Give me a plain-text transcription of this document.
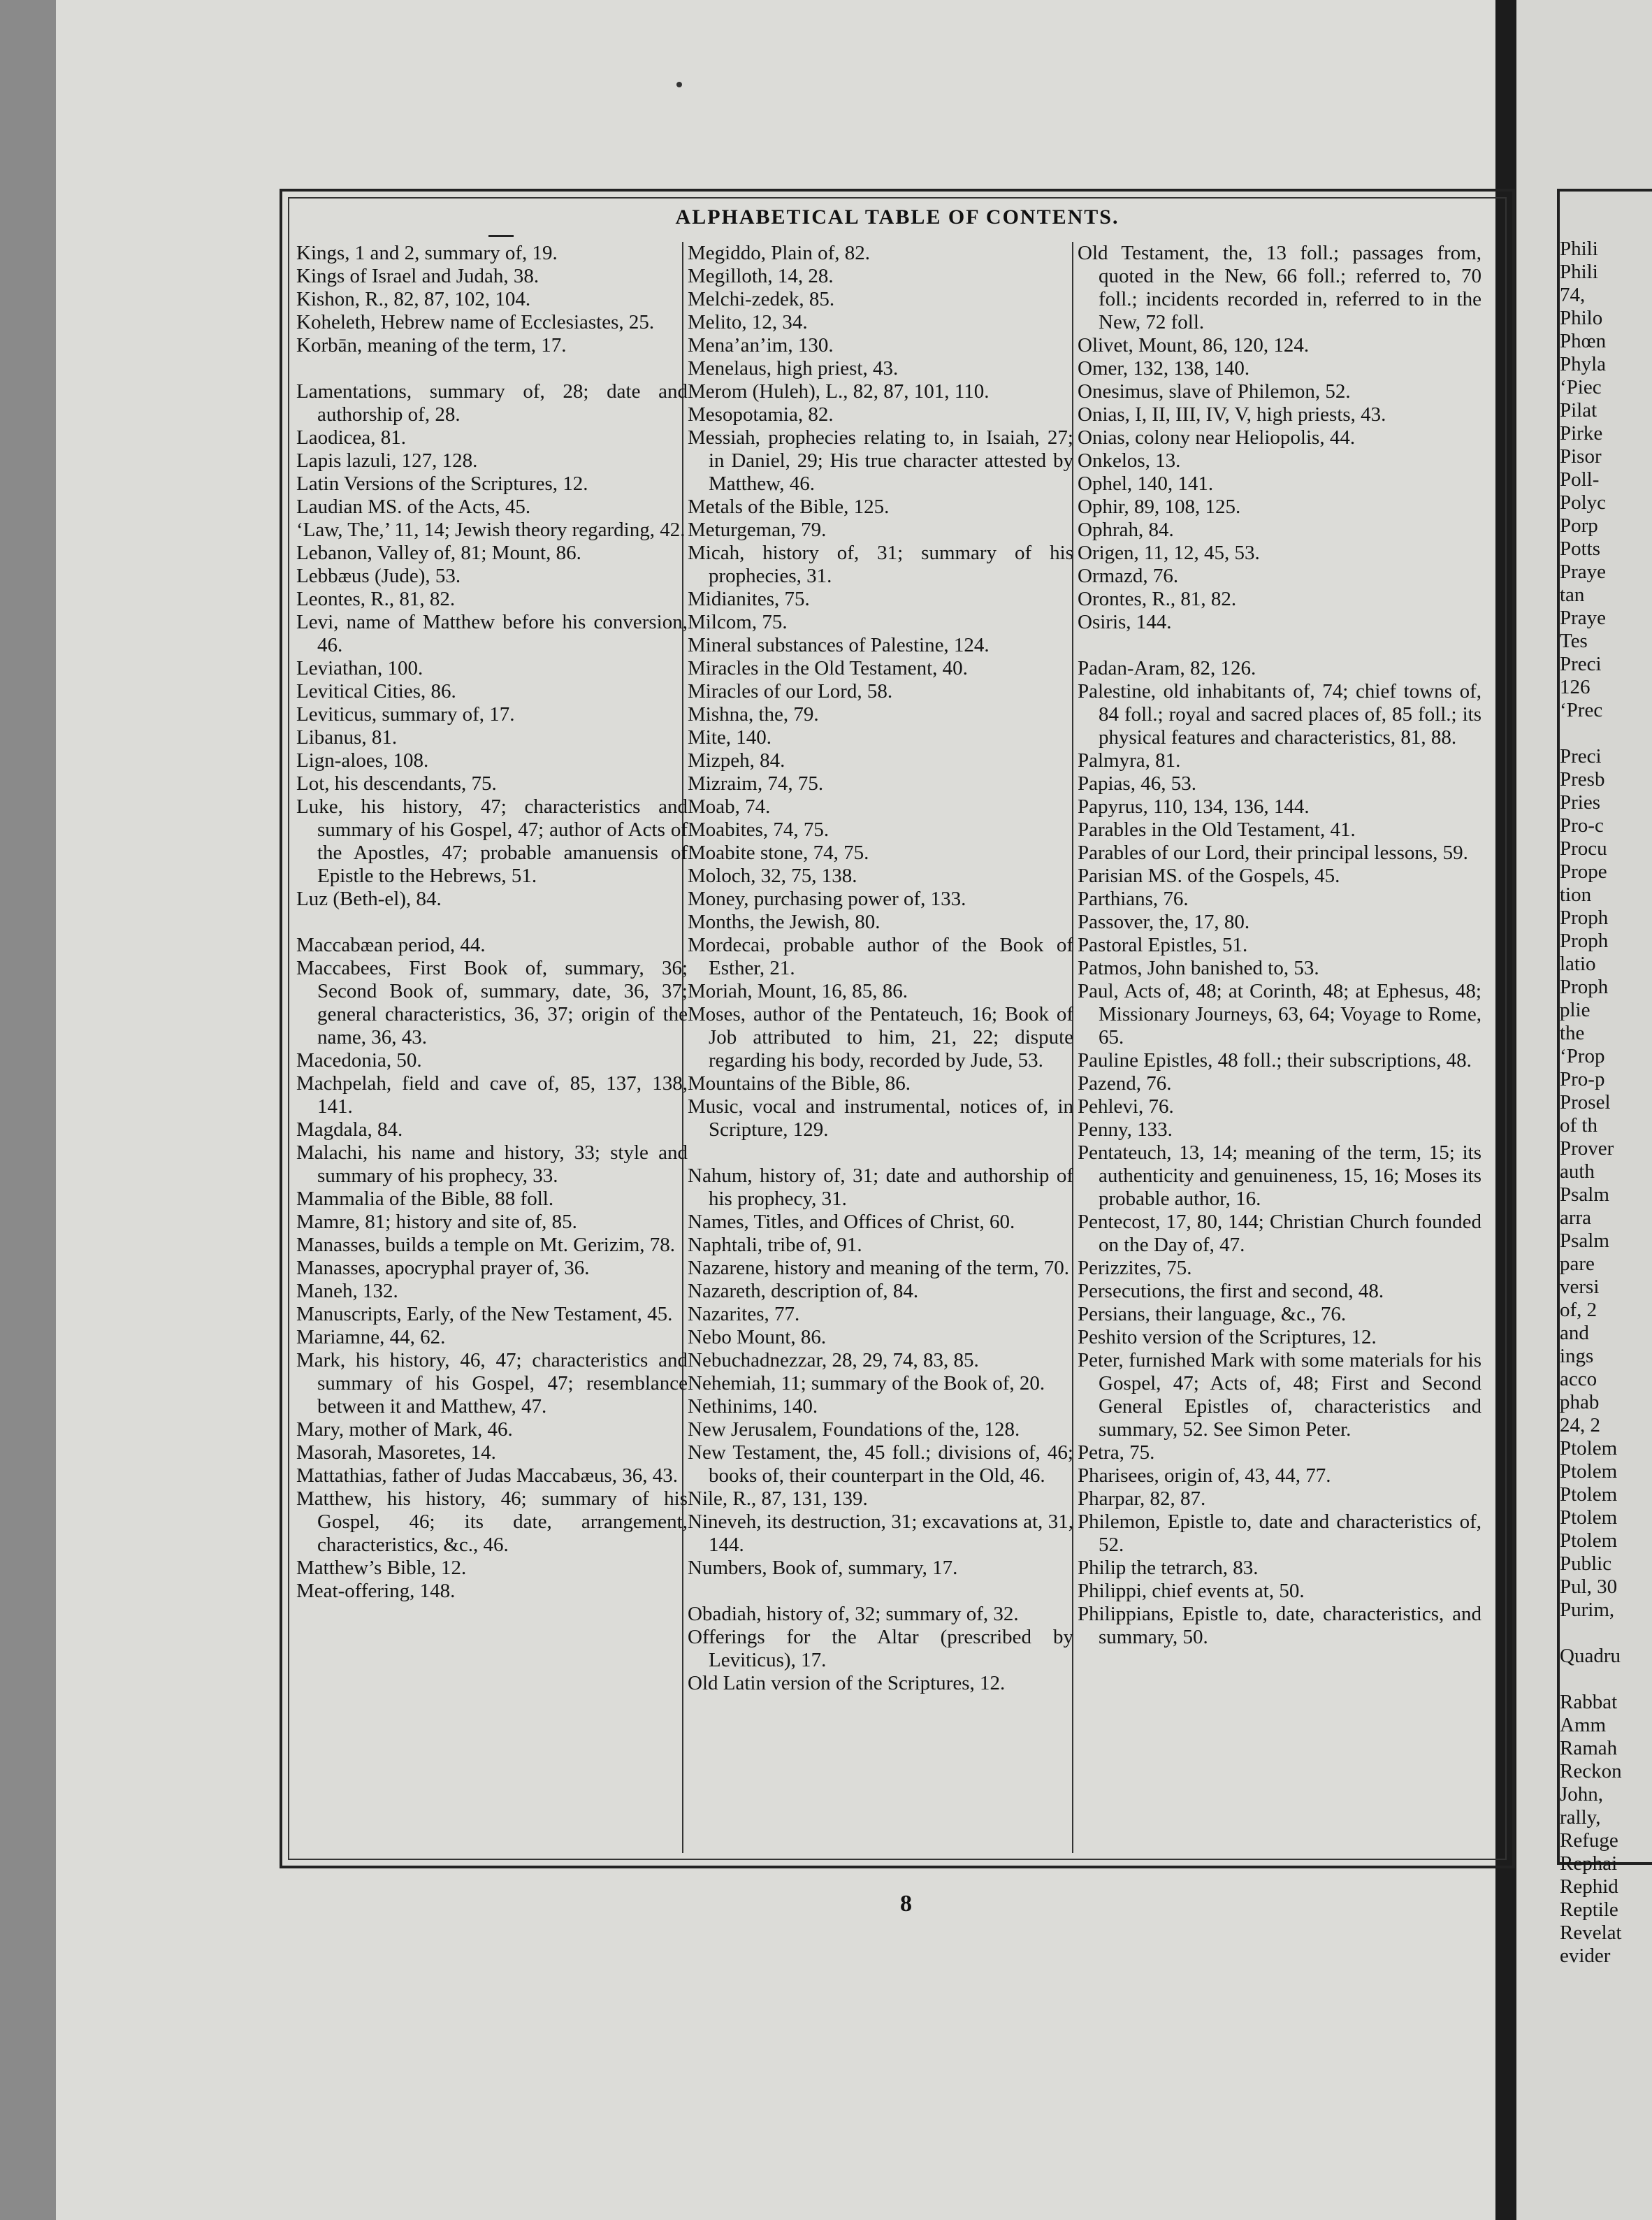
ALPHABETICAL TABLE OF CONTENTS.

Kings, 1 and 2, summary of, 19.

Kings of Israel and Judah, 38.

Kishon, R., 82, 87, 102, 104.

Koheleth, Hebrew name of Ecclesiastes, 25.

Korbān, meaning of the term, 17.

Lamentations, summary of, 28; date and authorship of, 28.

Laodicea, 81.

Lapis lazuli, 127, 128.

Latin Versions of the Scriptures, 12.

Laudian MS. of the Acts, 45.

‘Law, The,’ 11, 14; Jewish theory regarding, 42.

Lebanon, Valley of, 81; Mount, 86.

Lebbæus (Jude), 53.

Leontes, R., 81, 82.

Levi, name of Matthew before his conversion, 46.

Leviathan, 100.

Levitical Cities, 86.

Leviticus, summary of, 17.

Libanus, 81.

Lign-aloes, 108.

Lot, his descendants, 75.

Luke, his history, 47; characteristics and summary of his Gospel, 47; author of Acts of the Apostles, 47; probable amanuensis of Epistle to the Hebrews, 51.

Luz (Beth-el), 84.

Maccabæan period, 44.

Maccabees, First Book of, summary, 36; Second Book of, summary, date, 36, 37; general characteristics, 36, 37; origin of the name, 36, 43.

Macedonia, 50.

Machpelah, field and cave of, 85, 137, 138, 141.

Magdala, 84.

Malachi, his name and history, 33; style and summary of his prophecy, 33.

Mammalia of the Bible, 88 foll.

Mamre, 81; history and site of, 85.

Manasses, builds a temple on Mt. Gerizim, 78.

Manasses, apocryphal prayer of, 36.

Maneh, 132.

Manuscripts, Early, of the New Testament, 45.

Mariamne, 44, 62.

Mark, his history, 46, 47; characteristics and summary of his Gospel, 47; resemblance between it and Matthew, 47.

Mary, mother of Mark, 46.

Masorah, Masoretes, 14.

Mattathias, father of Judas Maccabæus, 36, 43.

Matthew, his history, 46; summary of his Gospel, 46; its date, arrangement, characteristics, &c., 46.

Matthew’s Bible, 12.

Meat-offering, 148.

Megiddo, Plain of, 82.

Megilloth, 14, 28.

Melchi-zedek, 85.

Melito, 12, 34.

Mena’an’im, 130.

Menelaus, high priest, 43.

Merom (Huleh), L., 82, 87, 101, 110.

Mesopotamia, 82.

Messiah, prophecies relating to, in Isaiah, 27; in Daniel, 29; His true character attested by Matthew, 46.

Metals of the Bible, 125.

Meturgeman, 79.

Micah, history of, 31; summary of his prophecies, 31.

Midianites, 75.

Milcom, 75.

Mineral substances of Palestine, 124.

Miracles in the Old Testament, 40.

Miracles of our Lord, 58.

Mishna, the, 79.

Mite, 140.

Mizpeh, 84.

Mizraim, 74, 75.

Moab, 74.

Moabites, 74, 75.

Moabite stone, 74, 75.

Moloch, 32, 75, 138.

Money, purchasing power of, 133.

Months, the Jewish, 80.

Mordecai, probable author of the Book of Esther, 21.

Moriah, Mount, 16, 85, 86.

Moses, author of the Pentateuch, 16; Book of Job attributed to him, 21, 22; dispute regarding his body, recorded by Jude, 53.

Mountains of the Bible, 86.

Music, vocal and instrumental, notices of, in Scripture, 129.

Nahum, history of, 31; date and authorship of his prophecy, 31.

Names, Titles, and Offices of Christ, 60.

Naphtali, tribe of, 91.

Nazarene, history and meaning of the term, 70.

Nazareth, description of, 84.

Nazarites, 77.

Nebo Mount, 86.

Nebuchadnezzar, 28, 29, 74, 83, 85.

Nehemiah, 11; summary of the Book of, 20.

Nethinims, 140.

New Jerusalem, Foundations of the, 128.

New Testament, the, 45 foll.; divisions of, 46; books of, their counterpart in the Old, 46.

Nile, R., 87, 131, 139.

Nineveh, its destruction, 31; excavations at, 31, 144.

Numbers, Book of, summary, 17.

Obadiah, history of, 32; summary of, 32.

Offerings for the Altar (prescribed by Leviticus), 17.

Old Latin version of the Scriptures, 12.

Old Testament, the, 13 foll.; passages from, quoted in the New, 66 foll.; referred to, 70 foll.; incidents recorded in, referred to in the New, 72 foll.

Olivet, Mount, 86, 120, 124.

Omer, 132, 138, 140.

Onesimus, slave of Philemon, 52.

Onias, I, II, III, IV, V, high priests, 43.

Onias, colony near Heliopolis, 44.

Onkelos, 13.

Ophel, 140, 141.

Ophir, 89, 108, 125.

Ophrah, 84.

Origen, 11, 12, 45, 53.

Ormazd, 76.

Orontes, R., 81, 82.

Osiris, 144.

Padan-Aram, 82, 126.

Palestine, old inhabitants of, 74; chief towns of, 84 foll.; royal and sacred places of, 85 foll.; its physical features and characteristics, 81, 88.

Palmyra, 81.

Papias, 46, 53.

Papyrus, 110, 134, 136, 144.

Parables in the Old Testament, 41.

Parables of our Lord, their principal lessons, 59.

Parisian MS. of the Gospels, 45.

Parthians, 76.

Passover, the, 17, 80.

Pastoral Epistles, 51.

Patmos, John banished to, 53.

Paul, Acts of, 48; at Corinth, 48; at Ephesus, 48; Missionary Journeys, 63, 64; Voyage to Rome, 65.

Pauline Epistles, 48 foll.; their subscriptions, 48.

Pazend, 76.

Pehlevi, 76.

Penny, 133.

Pentateuch, 13, 14; meaning of the term, 15; its authenticity and genuineness, 15, 16; Moses its probable author, 16.

Pentecost, 17, 80, 144; Christian Church founded on the Day of, 47.

Perizzites, 75.

Persecutions, the first and second, 48.

Persians, their language, &c., 76.

Peshito version of the Scriptures, 12.

Peter, furnished Mark with some materials for his Gospel, 47; Acts of, 48; First and Second General Epistles of, characteristics and summary, 52. See Simon Peter.

Petra, 75.

Pharisees, origin of, 43, 44, 77.

Pharpar, 82, 87.

Philemon, Epistle to, date and characteristics of, 52.

Philip the tetrarch, 83.

Philippi, chief events at, 50.

Philippians, Epistle to, date, characteristics, and summary, 50.

8
Phili
Phili
74,
Philo
Phœn
Phyla
‘Piec
Pilat
Pirke
Pisor
Poll-
Polyc
Porp
Potts
Praye
tan
Praye
Tes
Preci
126
‘Prec

Preci
Presb
Pries
Pro-c
Procu
Prope
tion
Proph
Proph
latio
Proph
plie
the
‘Prop
Pro-p
Prosel
of th
Prover
auth
Psalm
arra
Psalm
pare
versi
of, 2
and
ings
acco
phab
24, 2
Ptolem
Ptolem
Ptolem
Ptolem
Ptolem
Public
Pul, 30
Purim,

Quadru

Rabbat
Amm
Ramah
Reckon
John,
rally,
Refuge
Rephai
Rephid
Reptile
Revelat
evider
